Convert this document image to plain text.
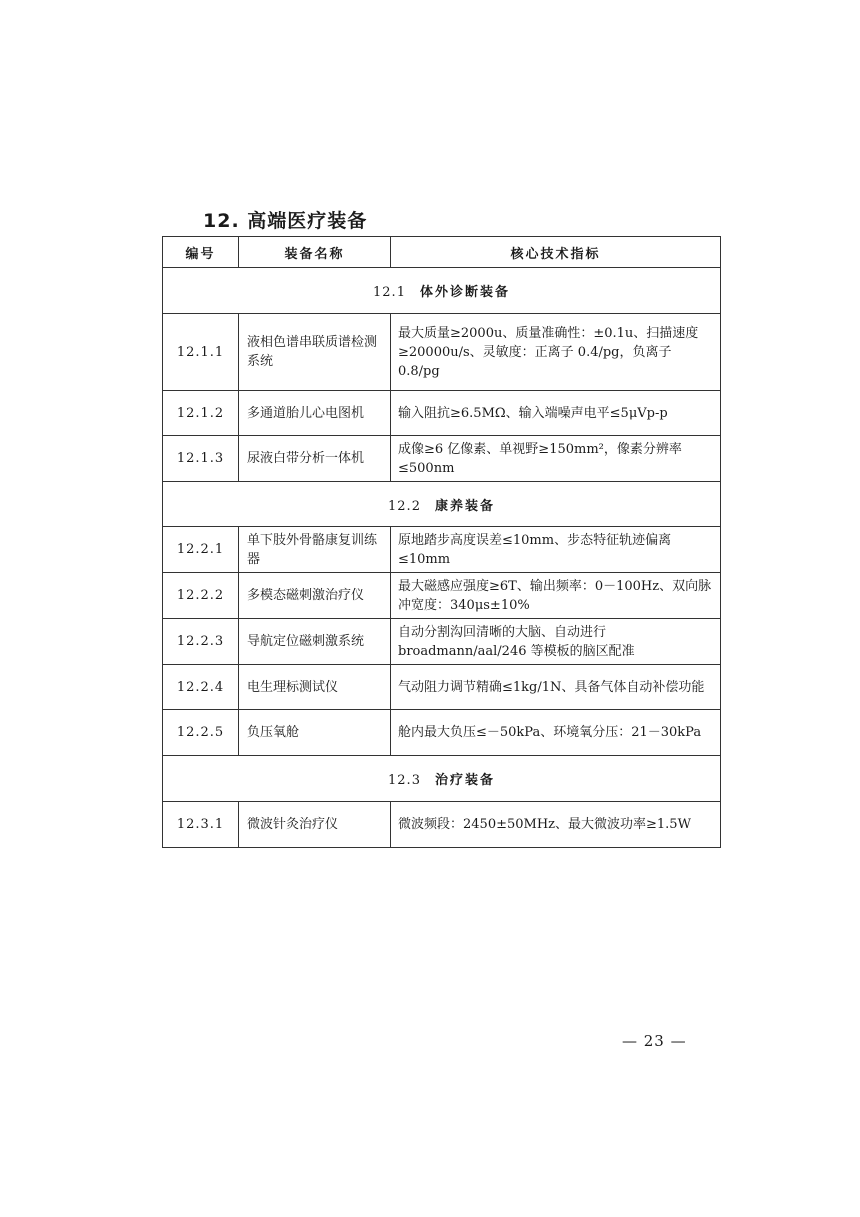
12. 高端医疗装备
编号	装备名称	核心技术指标
12.1 体外诊断装备		
12.1.1	液相色谱串联质谱检测系统	最大质量≥2000u、质量准确性：±0.1u、扫描速度≥20000u/s、灵敏度：正离子 0.4/pg，负离子 0.8/pg
12.1.2	多通道胎儿心电图机	输入阻抗≥6.5MΩ、输入端噪声电平≤5μVp-p
12.1.3	尿液白带分析一体机	成像≥6 亿像素、单视野≥150mm²，像素分辨率≤500nm
12.2 康养装备		
12.2.1	单下肢外骨骼康复训练器	原地踏步高度误差≤10mm、步态特征轨迹偏离≤10mm
12.2.2	多模态磁刺激治疗仪	最大磁感应强度≥6T、输出频率：0－100Hz、双向脉冲宽度：340μs±10%
12.2.3	导航定位磁刺激系统	自动分割沟回清晰的大脑、自动进行 broadmann/aal/246 等模板的脑区配准
12.2.4	电生理标测试仪	气动阻力调节精确≤1kg/1N、具备气体自动补偿功能
12.2.5	负压氧舱	舱内最大负压≤－50kPa、环境氧分压：21－30kPa
12.3 治疗装备		
12.3.1	微波针灸治疗仪	微波频段：2450±50MHz、最大微波功率≥1.5W
— 23 —
